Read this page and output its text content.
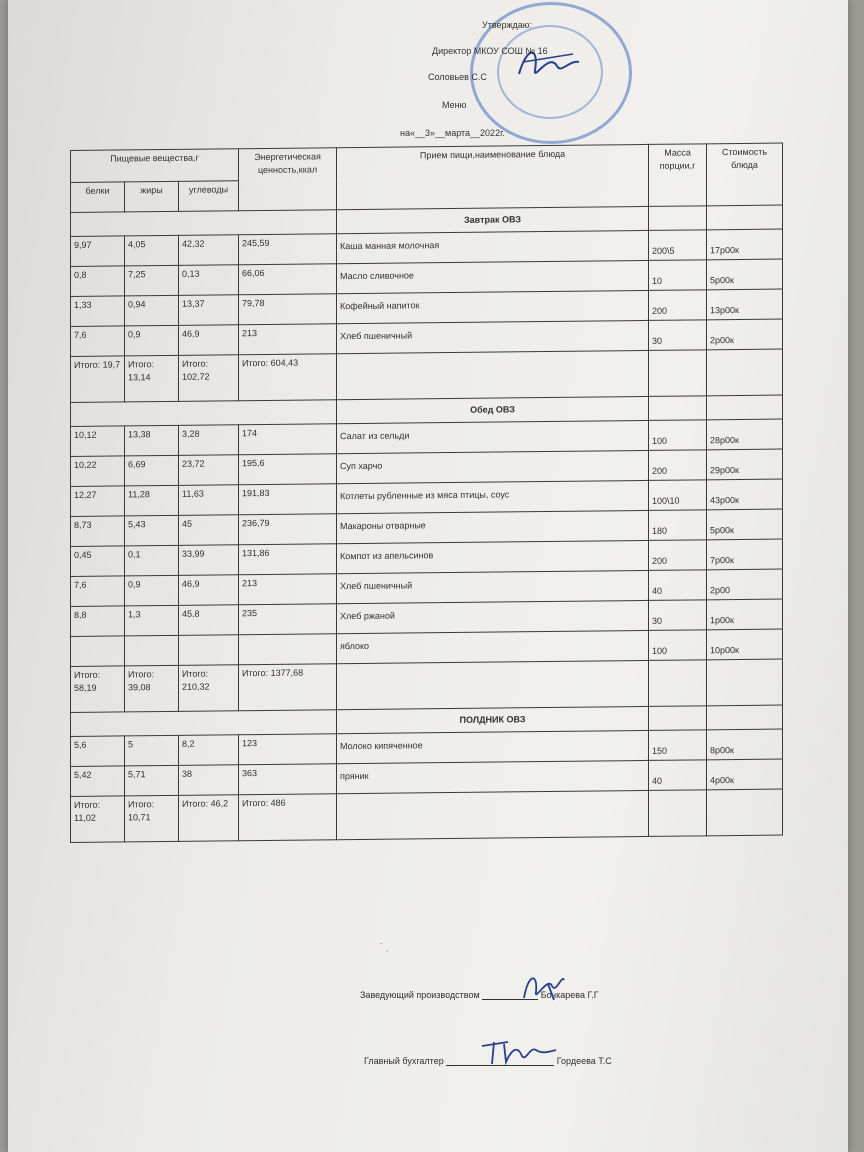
Утверждаю:
Директор МКОУ СОШ № 16
Соловьев С.С
Меню
на«__3»__марта__2022г.
Пищевые вещества,г			Энергетическая ценность,ккал	Прием пищи,наименование блюда	Масса порции,г	Стоимость блюда
белки	жиры	углеводы				
				Завтрак ОВЗ		
9,97	4,05	42,32	245,59	Каша манная молочная	200\5	17р00к
0,8	7,25	0,13	66,06	Масло сливочное	10	5р00к
1,33	0,94	13,37	79,78	Кофейный напиток	200	13р00к
7,6	0,9	46,9	213	Хлеб пшеничный	30	2р00к
Итого: 19,7	Итого: 13,14	Итого: 102,72	Итого: 604,43			
				Обед ОВЗ		
10,12	13,38	3,28	174	Салат из сельди	100	28р00к
10,22	6,69	23,72	195,6	Суп харчо	200	29р00к
12,27	11,28	11,63	191,83	Котлеты рубленные из мяса птицы, соус	100\10	43р00к
8,73	5,43	45	236,79	Макароны отварные	180	5р00к
0,45	0,1	33,99	131,86	Компот из апельсинов	200	7р00к
7,6	0,9	46,9	213	Хлеб пшеничный	40	2р00
8,8	1,3	45,8	235	Хлеб ржаной	30	1р00к
				яблоко	100	10р00к
Итого: 58,19	Итого: 39,08	Итого: 210,32	Итого: 1377,68			
				ПОЛДНИК ОВЗ		
5,6	5	8,2	123	Молоко кипяченное	150	8р00к
5,42	5,71	38	363	пряник	40	4р00к
Итого: 11,02	Итого: 10,71	Итого: 46,2	Итого: 486			
˙ ˌ
Заведующий производством	Бочкарева Г.Г
Главный бухгалтер	Гордеева Т.С
